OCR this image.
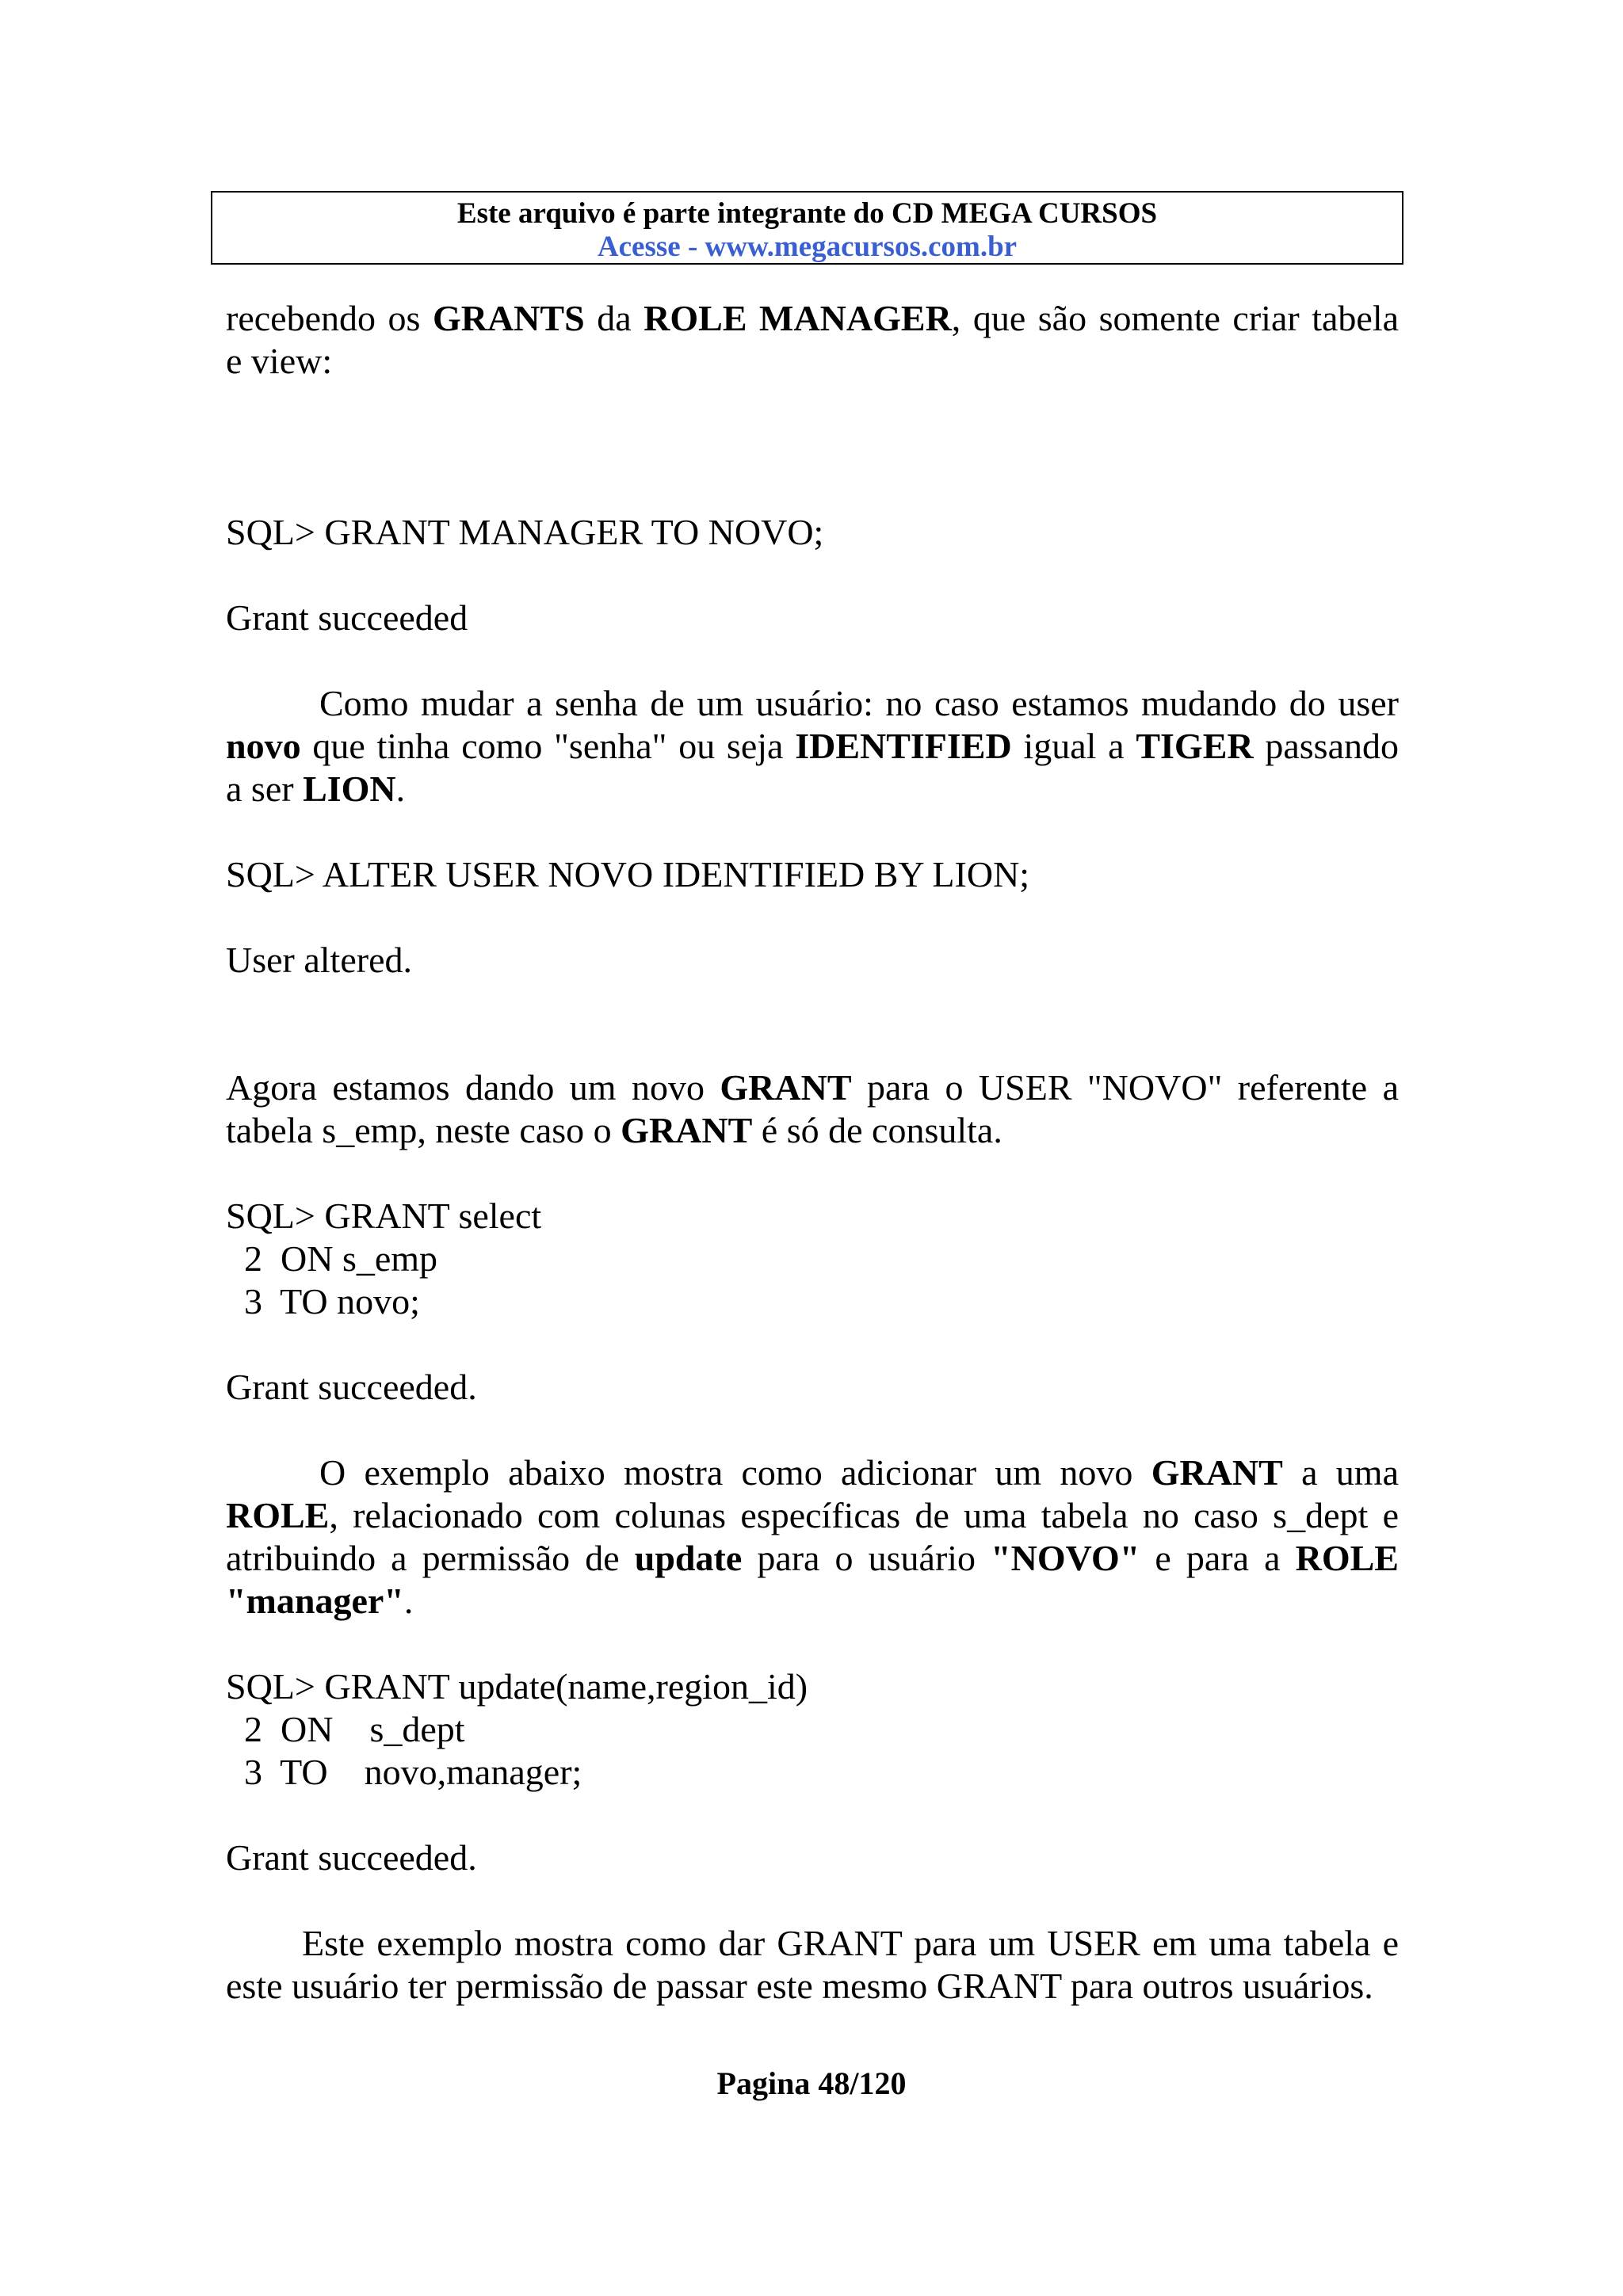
Este arquivo é parte integrante do CD MEGA CURSOS
Acesse - www.megacursos.com.br
recebendo os GRANTS da ROLE MANAGER, que são somente criar tabela
e view:
SQL> GRANT MANAGER TO NOVO;
Grant succeeded
Como mudar a senha de um usuário: no caso estamos mudando do user
novo que tinha como "senha" ou seja IDENTIFIED igual a TIGER passando
a ser LION.
SQL> ALTER USER NOVO IDENTIFIED BY LION;
User altered.
Agora estamos dando um novo GRANT para o USER "NOVO" referente a
tabela s_emp, neste caso o GRANT é só de consulta.
SQL> GRANT select
2  ON s_emp
3  TO novo;
Grant succeeded.
O exemplo abaixo mostra como adicionar um novo GRANT a uma
ROLE, relacionado com colunas específicas de uma tabela no caso s_dept e
atribuindo a permissão de update para o usuário "NOVO" e para a ROLE
"manager".
SQL> GRANT update(name,region_id)
2  ON    s_dept
3  TO    novo,manager;
Grant succeeded.
Este exemplo mostra como dar GRANT para um USER em uma tabela e
este usuário ter permissão de passar este mesmo GRANT para outros usuários.
Pagina 48/120
